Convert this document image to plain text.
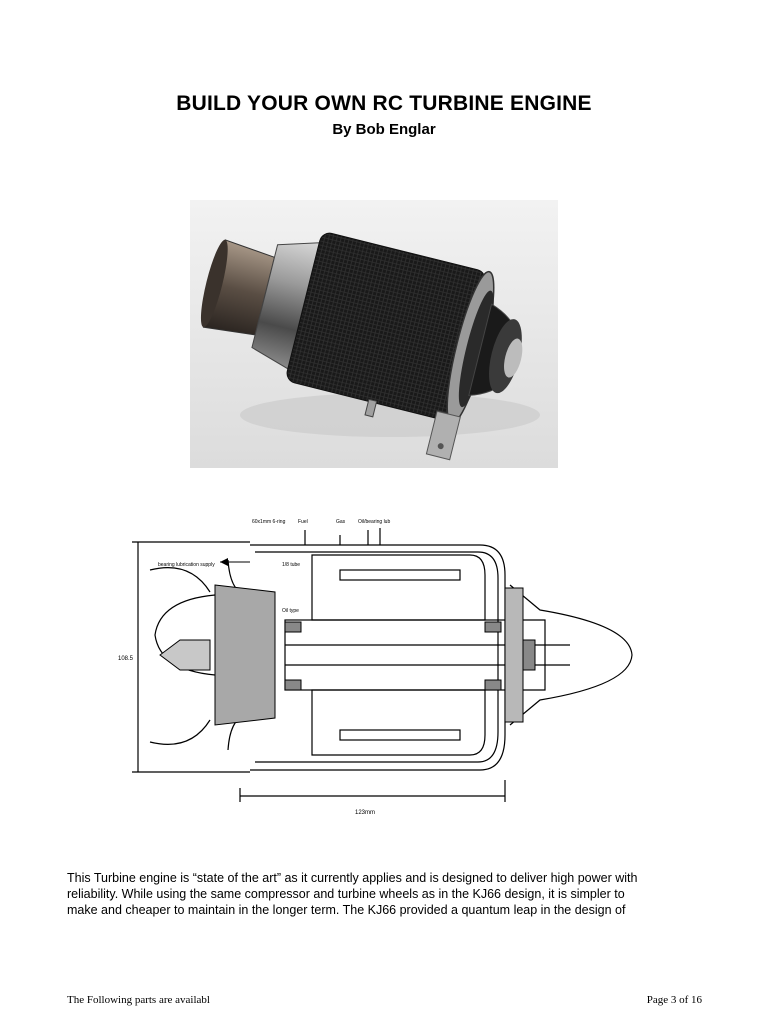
BUILD YOUR OWN RC TURBINE ENGINE
By Bob Englar
60x1mm 6-ring	Fuel	Gas	Oil/bearing lub
bearing lubrication supply	1/8 tube
Oil type
108.5
123mm

This Turbine engine is “state of the art” as it currently applies and is designed to deliver high power with

reliability. While using the same compressor and turbine wheels as in the KJ66 design, it is simpler to

make and cheaper to maintain in the longer term. The KJ66 provided a quantum leap in the design of

The Following parts are availabl	Page 3 of 16
